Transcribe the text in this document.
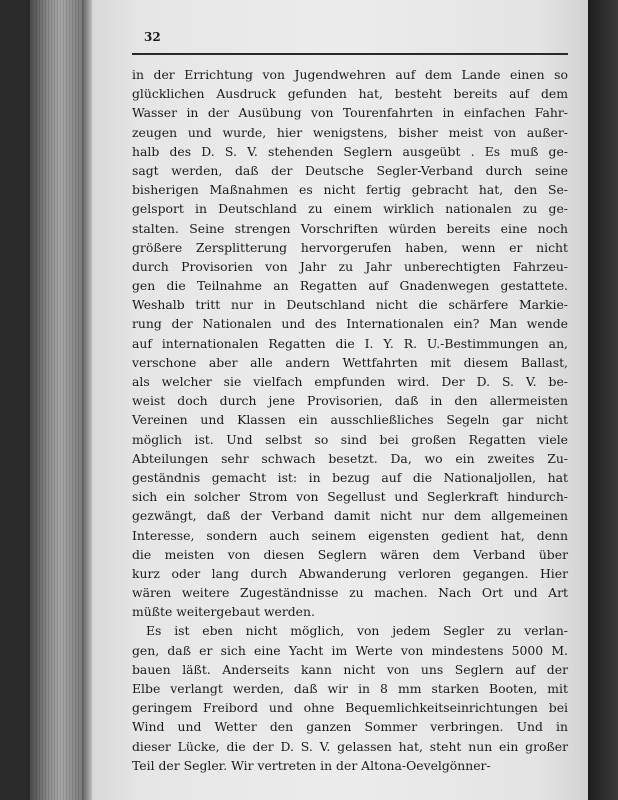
32
in der Errichtung von Jugendwehren auf dem Lande einen so
glücklichen Ausdruck gefunden hat, besteht bereits auf dem
Wasser in der Ausübung von Tourenfahrten in einfachen Fahr-
zeugen und wurde, hier wenigstens, bisher meist von außer-
halb des D. S. V. stehenden Seglern ausgeübt . Es muß ge-
sagt werden, daß der Deutsche Segler-Verband durch seine
bisherigen Maßnahmen es nicht fertig gebracht hat, den Se-
gelsport in Deutschland zu einem wirklich nationalen zu ge-
stalten. Seine strengen Vorschriften würden bereits eine noch
größere Zersplitterung hervorgerufen haben, wenn er nicht
durch Provisorien von Jahr zu Jahr unberechtigten Fahrzeu-
gen die Teilnahme an Regatten auf Gnadenwegen gestattete.
Weshalb tritt nur in Deutschland nicht die schärfere Markie-
rung der Nationalen und des Internationalen ein? Man wende
auf internationalen Regatten die I. Y. R. U.-Bestimmungen an,
verschone aber alle andern Wettfahrten mit diesem Ballast,
als welcher sie vielfach empfunden wird. Der D. S. V. be-
weist doch durch jene Provisorien, daß in den allermeisten
Vereinen und Klassen ein ausschließliches Segeln gar nicht
möglich ist. Und selbst so sind bei großen Regatten viele
Abteilungen sehr schwach besetzt. Da, wo ein zweites Zu-
geständnis gemacht ist: in bezug auf die Nationaljollen, hat
sich ein solcher Strom von Segellust und Seglerkraft hindurch-
gezwängt, daß der Verband damit nicht nur dem allgemeinen
Interesse, sondern auch seinem eigensten gedient hat, denn
die meisten von diesen Seglern wären dem Verband über
kurz oder lang durch Abwanderung verloren gegangen. Hier
wären weitere Zugeständnisse zu machen. Nach Ort und Art
müßte weitergebaut werden.
Es ist eben nicht möglich, von jedem Segler zu verlan-
gen, daß er sich eine Yacht im Werte von mindestens 5000 M.
bauen läßt. Anderseits kann nicht von uns Seglern auf der
Elbe verlangt werden, daß wir in 8 mm starken Booten, mit
geringem Freibord und ohne Bequemlichkeitseinrichtungen bei
Wind und Wetter den ganzen Sommer verbringen. Und in
dieser Lücke, die der D. S. V. gelassen hat, steht nun ein großer
Teil der Segler. Wir vertreten in der Altona-Oevelgönner-
